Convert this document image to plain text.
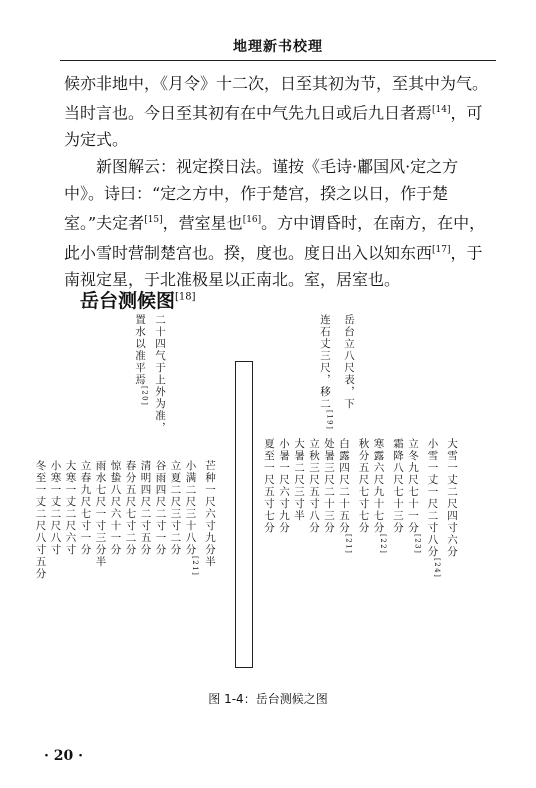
地理新书校理

候亦非地中，《月令》十二次，日至其初为节，至其中为气。当时言也。今日至其初有在中气先九日或后九日者焉[14]，可为定式。

新图解云：视定揆日法。谨按《毛诗·鄘国风·定之方中》。诗曰：“定之方中，作于楚宫，揆之以日，作于楚室。”夫定者[15]，营室星也[16]。方中谓昏时，在南方，在中，此小雪时营制楚宫也。揆，度也。度日出入以知东西[17]，于南视定星，于北准极星以正南北。室，居室也。

岳台测候图[18]
岳台立八尺表，下
连石丈三尺，移二[19]
二十四气于上外为准，
置水以准平焉[20]
芒种一尺六寸九分半
小满二尺三十八分[21]
立夏二尺三寸二分
谷雨四尺二寸一分
清明四尺二寸五分
春分五尺七寸二分
惊蛰八尺六十一分
雨水七尺一寸三分半
立春九尺七寸一分
大寒一丈二尺六寸
小寒一丈二尺八寸
冬至一丈二尺八寸五分	夏至一尺五寸七分 小暑一尺六寸九分 大暑二尺三寸半 立秋三尺五寸八分 处暑三尺二十三分 白露四尺二十五分[21]
秋分五尺七寸七分 寒露六尺九十七分[22]
霜降八尺七十三分 立冬九尺七十一分[23] 小雪一丈一尺二寸八分[24]
大雪一丈二尺四寸六分
图 1-4：岳台测候之图
· 20 ·
